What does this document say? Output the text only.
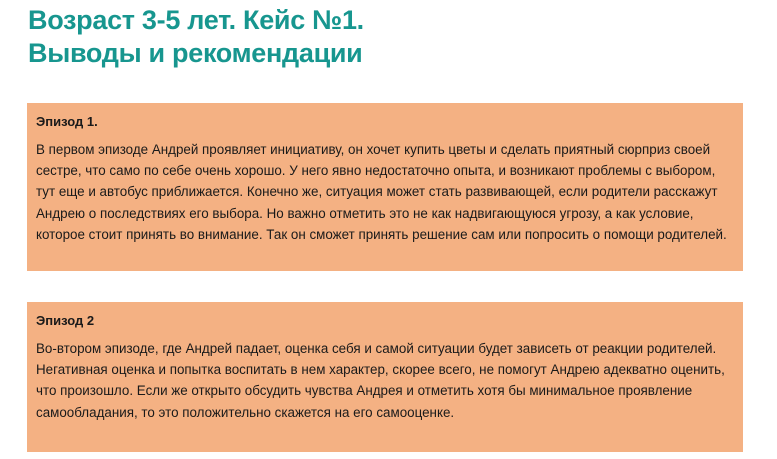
Возраст 3-5 лет. Кейс №1.
Выводы и рекомендации

Эпизод 1.

В первом эпизоде Андрей проявляет инициативу, он хочет купить цветы и сделать приятный сюрприз своей сестре, что само по себе очень хорошо. У него явно недостаточно опыта, и возникают проблемы с выбором, тут еще и автобус приближается. Конечно же, ситуация может стать развивающей, если родители расскажут Андрею о последствиях его выбора. Но важно отметить это не как надвигающуюся угрозу, а как условие, которое стоит принять во внимание. Так он сможет принять решение сам или попросить о помощи родителей.

Эпизод 2

Во-втором эпизоде, где Андрей падает, оценка себя и самой ситуации будет зависеть от реакции родителей. Негативная оценка и попытка воспитать в нем характер, скорее всего, не помогут Андрею адекватно оценить, что произошло. Если же открыто обсудить чувства Андрея и отметить хотя бы минимальное проявление самообладания, то это положительно скажется на его самооценке.
